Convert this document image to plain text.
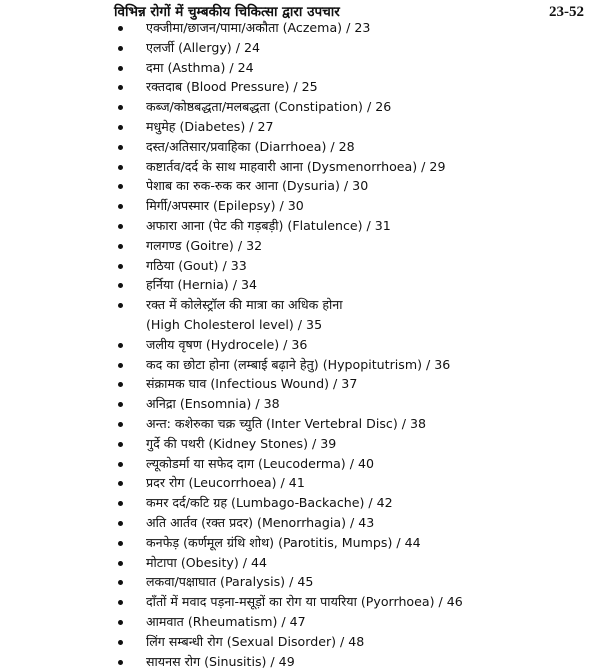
विभिन्न रोगों में चुम्बकीय चिकित्सा द्वारा उपचार	23-52
एक्जीमा/छाजन/पामा/अकौता (Aczema) / 23
एलर्जी (Allergy) / 24
दमा (Asthma) / 24
रक्तदाब (Blood Pressure) / 25
कब्ज/कोष्ठबद्धता/मलबद्धता (Constipation) / 26
मधुमेह (Diabetes) / 27
दस्त/अतिसार/प्रवाहिका (Diarrhoea) / 28
कष्टार्तव/दर्द के साथ माहवारी आना (Dysmenorrhoea) / 29
पेशाब का रुक-रुक कर आना (Dysuria) / 30
मिर्गी/अपस्मार (Epilepsy) / 30
अफारा आना (पेट की गड़बड़ी) (Flatulence) / 31
गलगण्ड (Goitre) / 32
गठिया (Gout) / 33
हर्निया (Hernia) / 34
रक्त में कोलेस्ट्रॉल की मात्रा का अधिक होना
(High Cholesterol level) / 35
जलीय वृषण (Hydrocele) / 36
कद का छोटा होना (लम्बाई बढ़ाने हेतु) (Hypopitutrism) / 36
संक्रामक घाव (Infectious Wound) / 37
अनिद्रा (Ensomnia) / 38
अन्त: कशेरुका चक्र च्युति (Inter Vertebral Disc) / 38
गुर्दे की पथरी (Kidney Stones) / 39
ल्यूकोडर्मा या सफेद दाग (Leucoderma) / 40
प्रदर रोग (Leucorrhoea) / 41
कमर दर्द/कटि ग्रह (Lumbago-Backache) / 42
अति आर्तव (रक्त प्रदर) (Menorrhagia) / 43
कनफेड़ (कर्णमूल ग्रंथि शोथ) (Parotitis, Mumps) / 44
मोटापा (Obesity) / 44
लकवा/पक्षाघात (Paralysis) / 45
दाँतों में मवाद पड़ना-मसूड़ों का रोग या पायरिया (Pyorrhoea) / 46
आमवात (Rheumatism) / 47
लिंग सम्बन्धी रोग (Sexual Disorder) / 48
सायनस रोग (Sinusitis) / 49
